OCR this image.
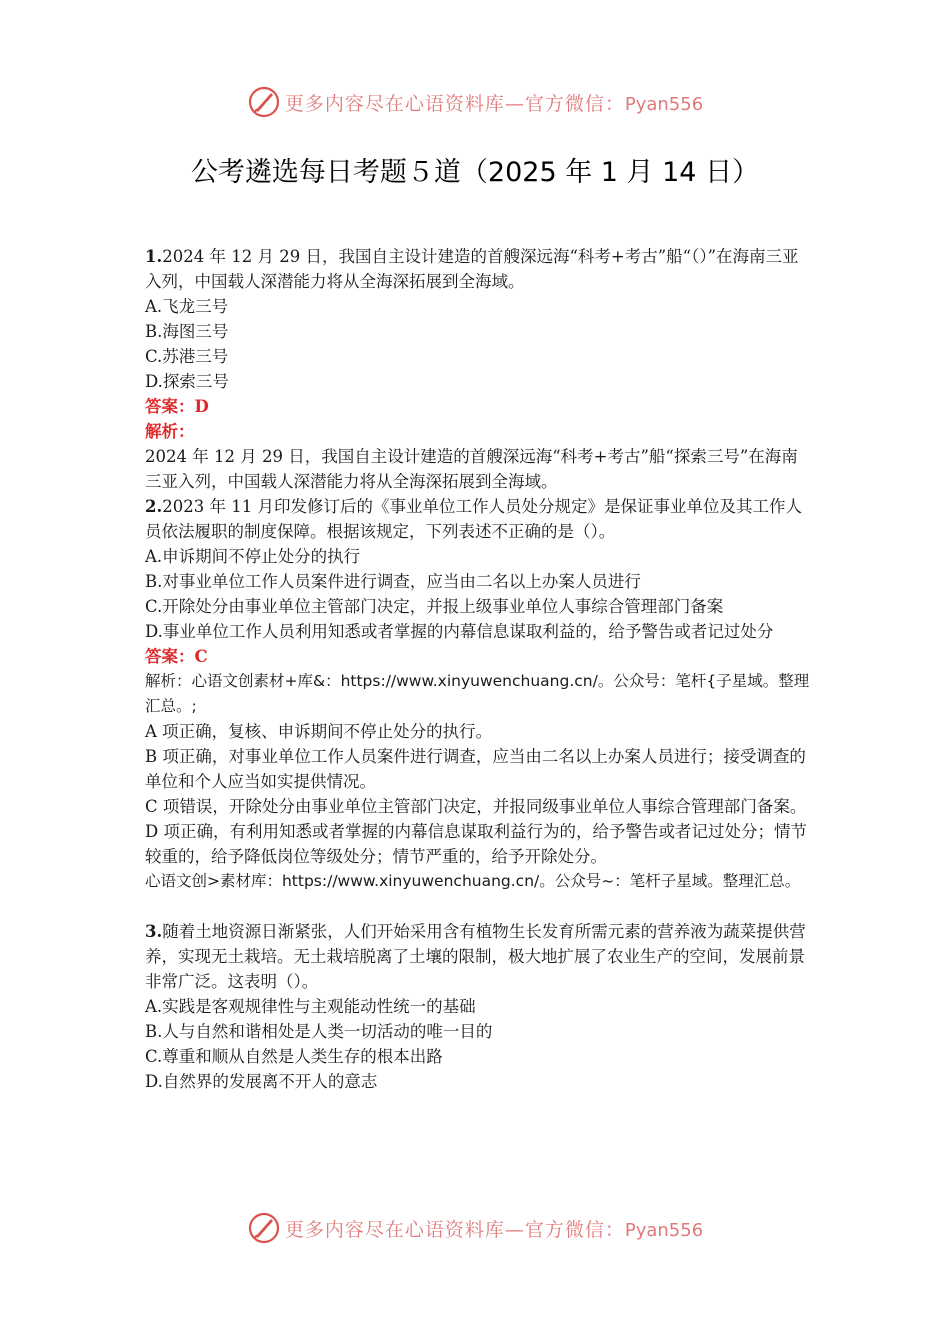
更多内容尽在心语资料库—官方微信：Pyan556
公考遴选每日考题５道（2025 年 1 月 14 日）

1.2024 年 12 月 29 日，我国自主设计建造的首艘深远海“科考+考古”船“（）”在海南三亚入列，中国载人深潜能力将从全海深拓展到全海域。

A.飞龙三号

B.海图三号

C.苏港三号

D.探索三号

答案：D

解析：

2024 年 12 月 29 日，我国自主设计建造的首艘深远海“科考+考古”船“探索三号”在海南三亚入列，中国载人深潜能力将从全海深拓展到全海域。

2.2023 年 11 月印发修订后的《事业单位工作人员处分规定》是保证事业单位及其工作人员依法履职的制度保障。根据该规定，下列表述不正确的是（）。

A.申诉期间不停止处分的执行

B.对事业单位工作人员案件进行调查，应当由二名以上办案人员进行

C.开除处分由事业单位主管部门决定，并报上级事业单位人事综合管理部门备案

D.事业单位工作人员利用知悉或者掌握的内幕信息谋取利益的，给予警告或者记过处分

答案：C

解析：心语文创素材+库&：https://www.xinyuwenchuang.cn/。公众号：笔杆{子星域。整理汇总。;

A 项正确，复核、申诉期间不停止处分的执行。

B 项正确，对事业单位工作人员案件进行调查，应当由二名以上办案人员进行；接受调查的单位和个人应当如实提供情况。

C 项错误，开除处分由事业单位主管部门决定，并报同级事业单位人事综合管理部门备案。

D 项正确，有利用知悉或者掌握的内幕信息谋取利益行为的，给予警告或者记过处分；情节较重的，给予降低岗位等级处分；情节严重的，给予开除处分。

心语文创>素材库：https://www.xinyuwenchuang.cn/。公众号~：笔杆子星域。整理汇总。

3.随着土地资源日渐紧张，人们开始采用含有植物生长发育所需元素的营养液为蔬菜提供营养，实现无土栽培。无土栽培脱离了土壤的限制，极大地扩展了农业生产的空间，发展前景非常广泛。这表明（）。

A.实践是客观规律性与主观能动性统一的基础

B.人与自然和谐相处是人类一切活动的唯一目的

C.尊重和顺从自然是人类生存的根本出路

D.自然界的发展离不开人的意志

更多内容尽在心语资料库—官方微信：Pyan556
